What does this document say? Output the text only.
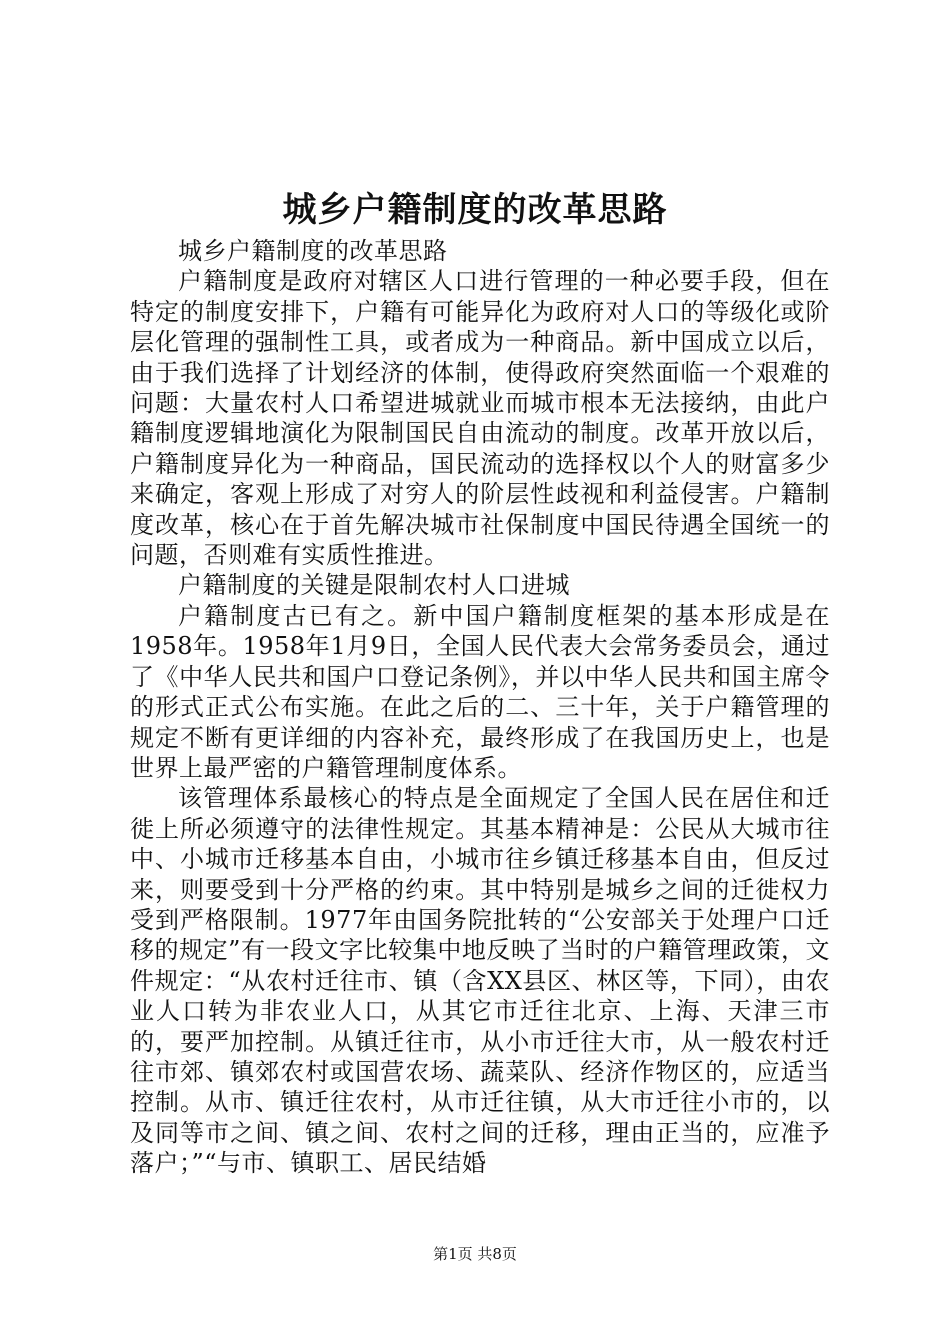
城乡户籍制度的改革思路

城乡户籍制度的改革思路

户籍制度是政府对辖区人口进行管理的一种必要手段，但在特定的制度安排下，户籍有可能异化为政府对人口的等级化或阶层化管理的强制性工具，或者成为一种商品。新中国成立以后，由于我们选择了计划经济的体制，使得政府突然面临一个艰难的问题：大量农村人口希望进城就业而城市根本无法接纳，由此户籍制度逻辑地演化为限制国民自由流动的制度。改革开放以后，户籍制度异化为一种商品，国民流动的选择权以个人的财富多少来确定，客观上形成了对穷人的阶层性歧视和利益侵害。户籍制度改革，核心在于首先解决城市社保制度中国民待遇全国统一的问题，否则难有实质性推进。

户籍制度的关键是限制农村人口进城

户籍制度古已有之。新中国户籍制度框架的基本形成是在1958年。1958年1月9日，全国人民代表大会常务委员会，通过了《中华人民共和国户口登记条例》，并以中华人民共和国主席令的形式正式公布实施。在此之后的二、三十年，关于户籍管理的规定不断有更详细的内容补充，最终形成了在我国历史上，也是世界上最严密的户籍管理制度体系。

该管理体系最核心的特点是全面规定了全国人民在居住和迁徙上所必须遵守的法律性规定。其基本精神是：公民从大城市往中、小城市迁移基本自由，小城市往乡镇迁移基本自由，但反过来，则要受到十分严格的约束。其中特别是城乡之间的迁徙权力受到严格限制。1977年由国务院批转的“公安部关于处理户口迁移的规定”有一段文字比较集中地反映了当时的户籍管理政策，文件规定：“从农村迁往市、镇（含XX县区、林区等，下同），由农业人口转为非农业人口，从其它市迁往北京、上海、天津三市的，要严加控制。从镇迁往市，从小市迁往大市，从一般农村迁往市郊、镇郊农村或国营农场、蔬菜队、经济作物区的，应适当控制。从市、镇迁往农村，从市迁往镇，从大市迁往小市的，以及同等市之间、镇之间、农村之间的迁移，理由正当的，应准予落户；”“与市、镇职工、居民结婚

第1页 共8页
